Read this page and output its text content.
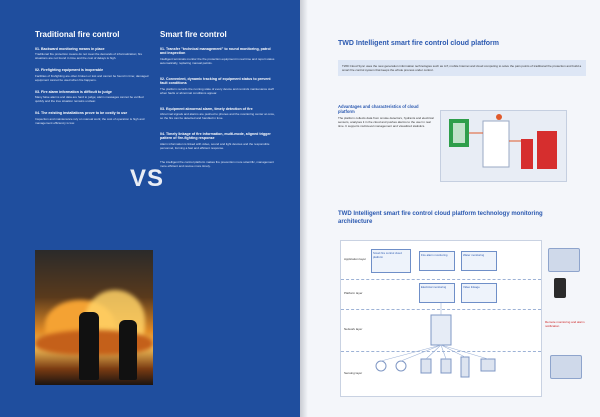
Traditional fire control
01. Backward monitoring means in place

Traditional fire protection means do not meet the demands of informatization; fire situations are not found in time and the cost of delays is high.

02. Firefighting equipment is inoperable

Facilities of firefighting are often broken or lost and cannot be found in time; damaged equipment cannot be used when fire happens.

03. Fire alarm information is difficult to judge

Many false alarms and data are hard to judge; alarm messages cannot be verified quickly and the true situation remains unclear.

04. The existing installations prove to be costly to use

Inspection and maintenance rely on manual work; the cost of operation is high and management efficiency is low.

VS
Smart fire control
01. Transfer "technical management" to round monitoring, patrol and inspection

Intelligent terminals monitor the fire protection equipment in real time and report status automatically, replacing manual patrols.

02. Convenient, dynamic tracking of equipment status to prevent fault conditions

The platform records the running state of every device and reminds maintenance staff when faults or abnormal conditions appear.

03. Equipment abnormal alarm, timely detection of fire

Abnormal signals and alarms are pushed to phones and the monitoring center at once, so the fire can be detected and handled in time.

04. Timely linkage of fire information, multi-mode, aligned trigger pattern of fire-fighting response

Alarm information is linked with video, sound and light devices and the responsible personnel, forming a fast and efficient response.

The intelligent fire control platform makes fire prevention more scientific, management more efficient and rescue more timely.

TWD Intelligent smart fire control cloud platform

TWD Cloud Sync uses the new generation information technologies such as IoT, mobile Internet and cloud computing to solve the pain points of traditional fire protection and build a smart fire control system that keeps the whole process under control.

Advantages and characteristics of cloud platform

The platform collects data from smoke detectors, hydrants and electrical sensors, analyses it in the cloud and pushes alarms to the user in real time. It supports multi-level management and visualized statistics.

TWD Intelligent smart fire control cloud platform technology monitoring architecture
Application layer
Platform layer
Network layer
Sensing layer
Smart fire control cloud platform	Fire alarm monitoring	Water monitoring
Electrical monitoring	Video linkage
Remote monitoring and alarm notification
